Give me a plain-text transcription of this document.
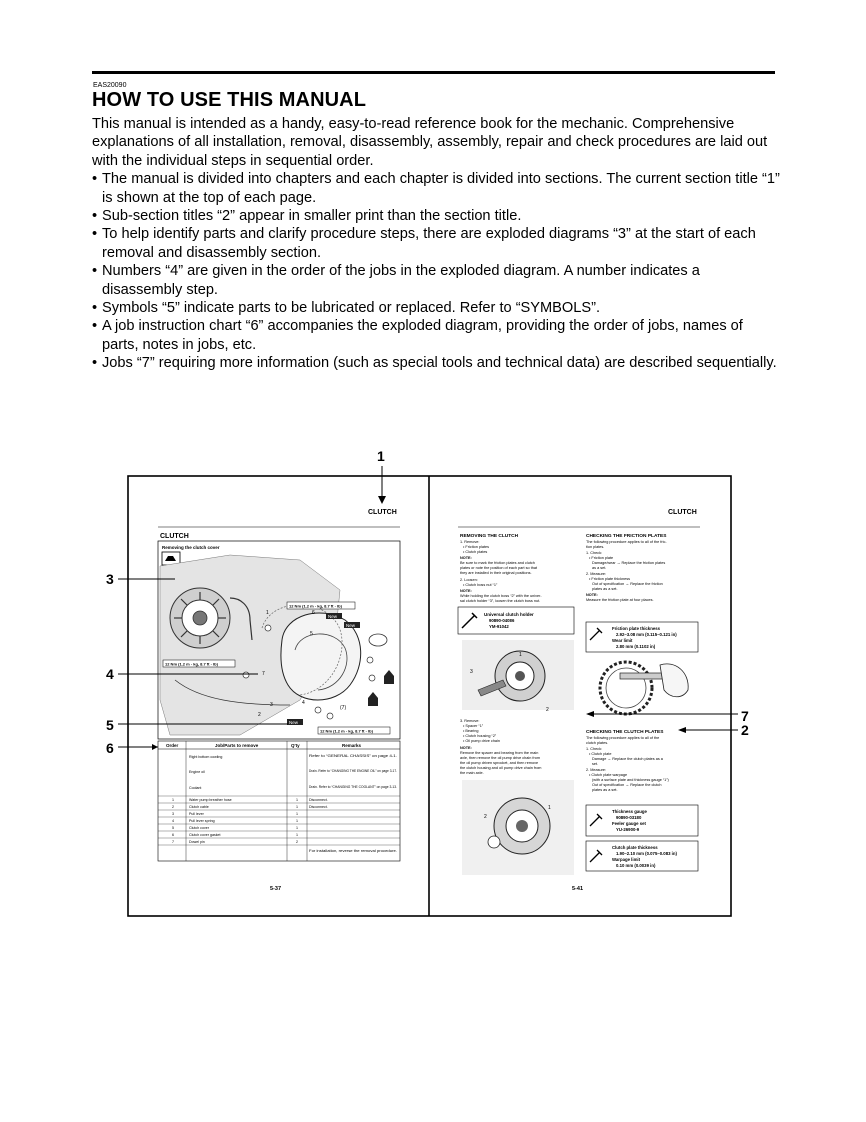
EAS20090
HOW TO USE THIS MANUAL

This manual is intended as a handy, easy-to-read reference book for the mechanic. Comprehensive explanations of all installation, removal, disassembly, assembly, repair and check procedures are laid out with the individual steps in sequential order.

• The manual is divided into chapters and each chapter is divided into sections. The current section title “1” is shown at the top of each page.
• Sub-section titles “2” appear in smaller print than the section title.
• To help identify parts and clarify procedure steps, there are exploded diagrams “3” at the start of each removal and disassembly section.
• Numbers “4” are given in the order of the jobs in the exploded diagram. A number indicates a disassembly step.
• Symbols “5” indicate parts to be lubricated or replaced. Refer to “SYMBOLS”.
• A job instruction chart “6” accompanies the exploded diagram, providing the order of jobs, names of parts, notes in jobs, etc.
• Jobs “7” requiring more information (such as special tools and technical data) are described sequentially.
1
CLUTCH
CLUTCH
Removing the clutch cover
12 Nm (1.2 m · kg, 8.7 ft · lb)
12 Nm (1.2 m · kg, 8.7 ft · lb)
12 Nm (1.2 m · kg, 8.7 ft · lb)
New
New
New
1	6
7
2
4
(7)
3
5
Order	Job/Parts to remove	Q'ty	Remarks
Right bottom cowling	Refer to “GENERAL CHASSIS” on page 4-1.
Engine oil	Drain. Refer to “CHANGING THE ENGINE OIL” on page 3-17.
Coolant	Drain. Refer to “CHANGING THE COOLANT” on page 3-13.
1	Water pump breather hose	1	Disconnect.
2	Clutch cable	1	Disconnect.
3	Pull lever	1
4	Pull lever spring	1
5	Clutch cover	1
6	Clutch cover gasket	1
7	Dowel pin	2
For installation, reverse the removal procedure.
5-37
3
4
5
6
CLUTCH
REMOVING THE CLUTCH
1. Remove:
• Friction plates
• Clutch plates
NOTE:
Be sure to mark the friction plates and clutch
plates or note the position of each part so that
they are installed in their original positions.
2. Loosen:
• Clutch boss nut “1”
NOTE:
While holding the clutch boss “2” with the univer-
sal clutch holder “3”, loosen the clutch boss nut.
Universal clutch holder
90890-04086
YM-91042
3
2
1
3. Remove:
• Spacer “1”
• Bearing
• Clutch housing “2”
• Oil pump drive chain
NOTE:
Remove the spacer and bearing from the main
axle, then remove the oil pump drive chain from
the oil pump driven sprocket, and then remove
the clutch housing and oil pump drive chain from
the main axle.
1
2
5-41
CHECKING THE FRICTION PLATES
The following procedure applies to all of the fric-
tion plates.
1. Check:
• Friction plate
Damage/wear → Replace the friction plates
as a set.
2. Measure:
• Friction plate thickness
Out of specification → Replace the friction
plates as a set.
NOTE:
Measure the friction plate at four places.
Friction plate thickness
2.92–3.08 mm (0.115–0.121 in)
Wear limit
2.80 mm (0.1102 in)
CHECKING THE CLUTCH PLATES
The following procedure applies to all of the
clutch plates.
1. Check:
• Clutch plate
Damage → Replace the clutch plates as a
set.
2. Measure:
• Clutch plate warpage
(with a surface plate and thickness gauge “1”)
Out of specification → Replace the clutch
plates as a set.
Thickness gauge
90890-03180
Feeler gauge set
YU-26900-9
Clutch plate thickness
1.90–2.10 mm (0.075–0.083 in)
Warpage limit
0.10 mm (0.0039 in)
7
2
